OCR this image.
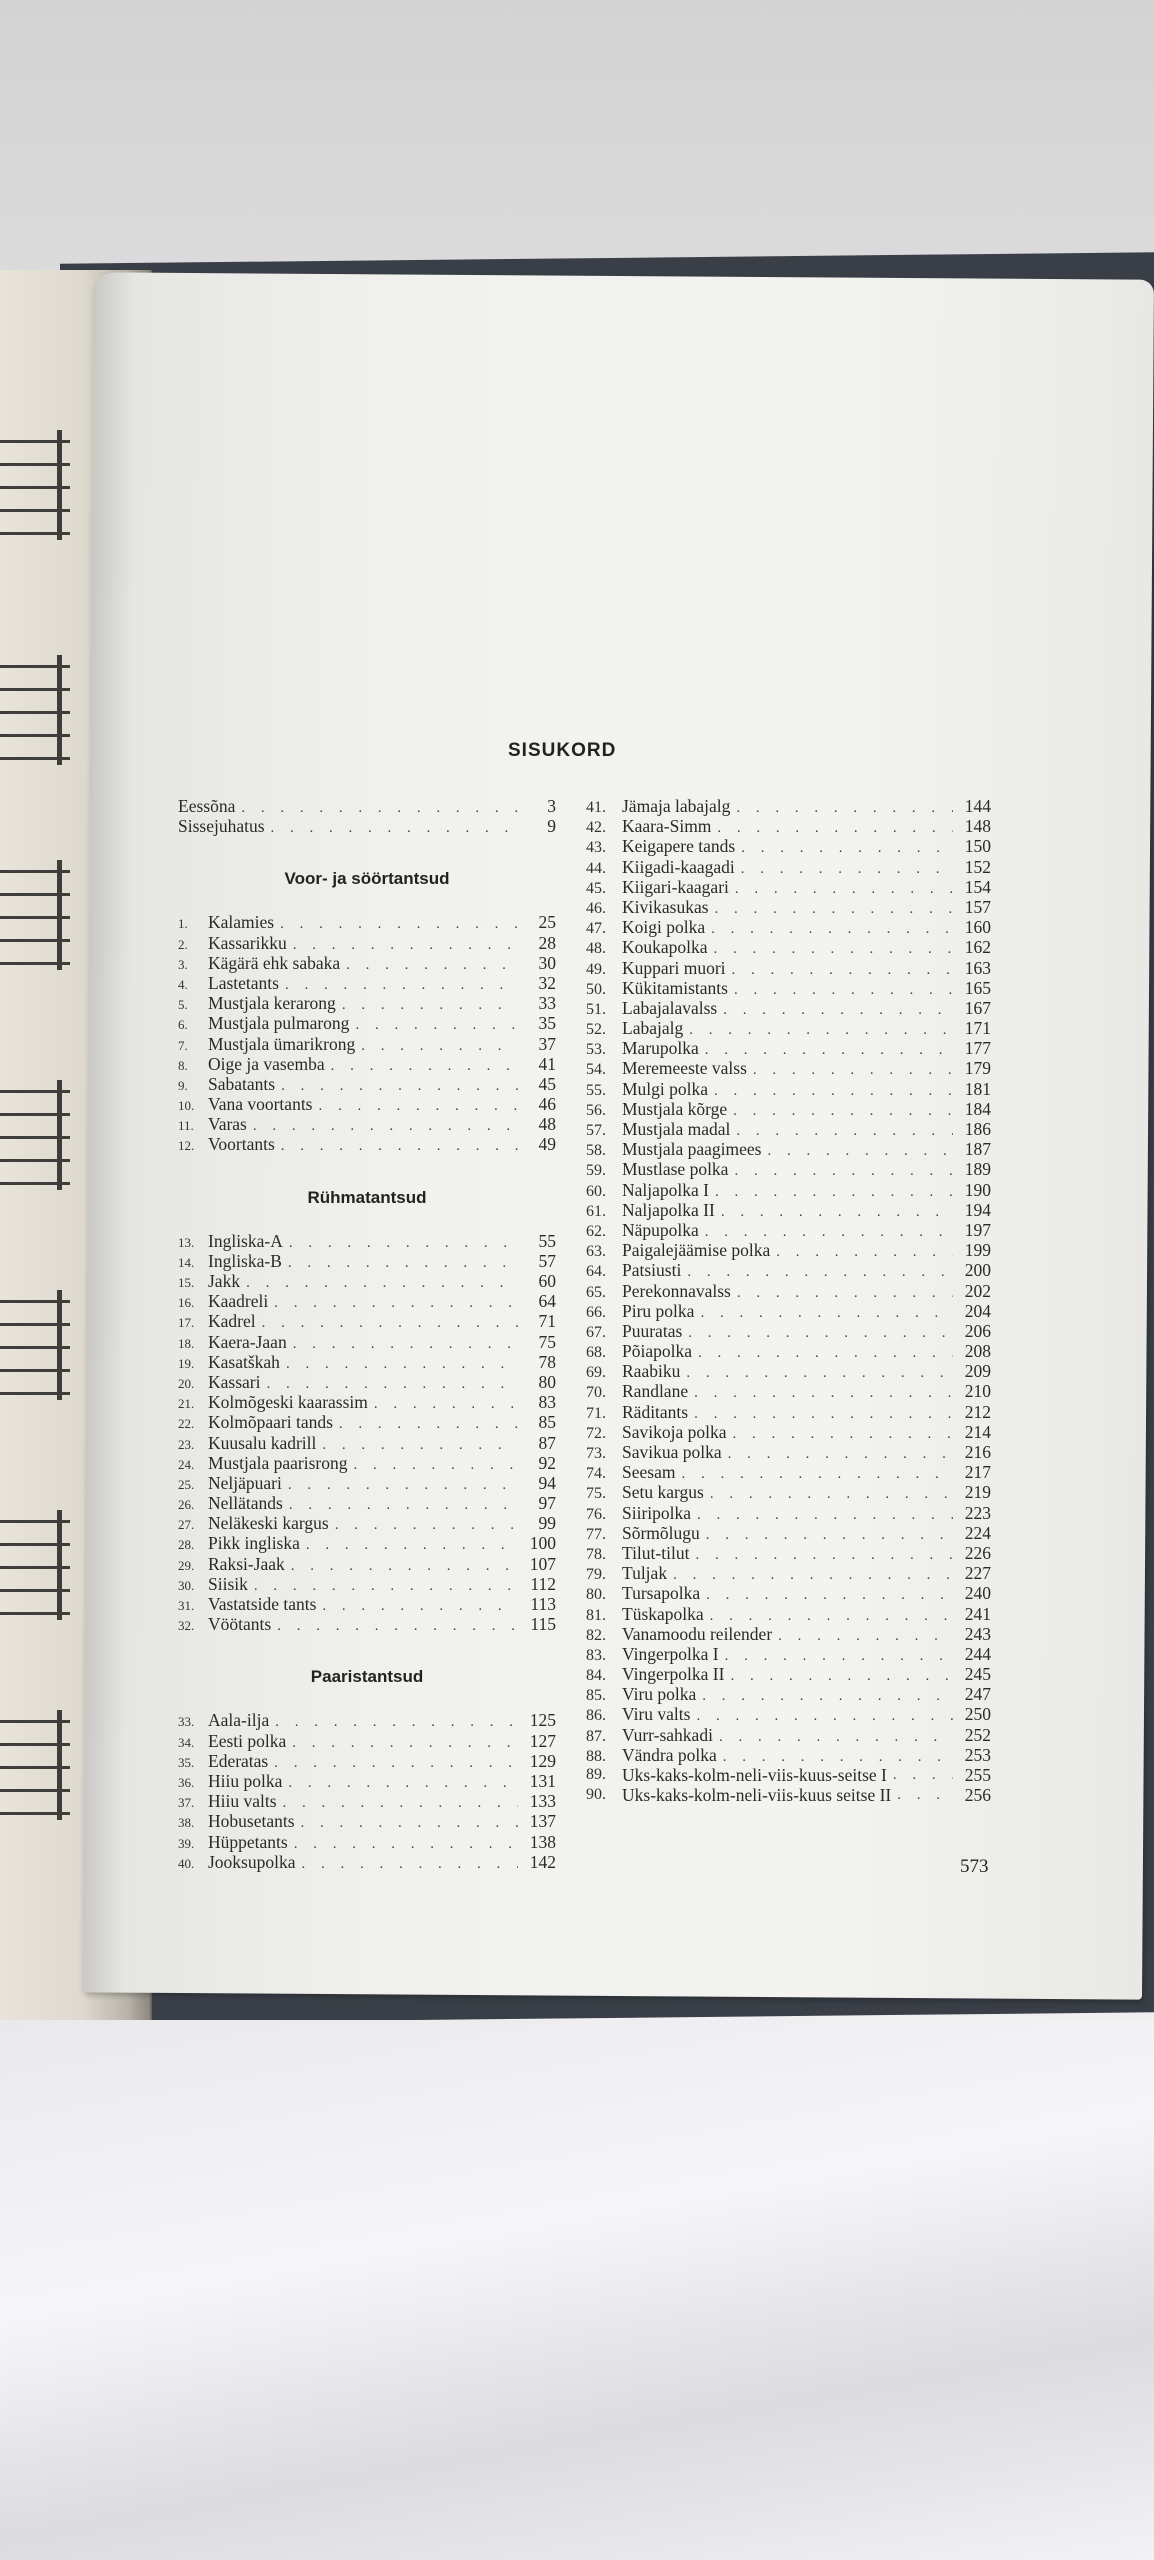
SISUKORD
Eessõna . . .	3
Sissejuhatus . . .	9
Voor- ja söörtantsud
1.	Kalamies . . .	25
2.	Kassarikku . . .	28
3.	Kägärä ehk sabaka . . .	30
4.	Lastetants . . .	32
5.	Mustjala kerarong . . .	33
6.	Mustjala pulmarong . . .	35
7.	Mustjala ümarikrong . . .	37
8.	Oige ja vasemba . . .	41
9.	Sabatants . . .	45
10. Vana voortants . . .	46
11. Varas . . .	48
12. Voortants . . .	49
Rühmatantsud
13. Ingliska-A . . .	55
14. Ingliska-B . . .	57
15. Jakk . . .	60
16. Kaadreli . . .	64
17. Kadrel . . .	71
18. Kaera-Jaan . . .	75
19. Kasatškah . . .	78
20. Kassari . . .	80
21. Kolmõgeski kaarassim . . .	83
22. Kolmõpaari tands . . .	85
23. Kuusalu kadrill . . .	87
24. Mustjala paarisrong . . .	92
25. Neljäpuari . . .	94
26. Nellätands . . .	97
27. Neläkeski kargus . . .	99
28. Pikk ingliska . . .	100
29. Raksi-Jaak . . .	107
30. Siisik . . .	112
31. Vastatside tants . . .	113
32. Vöötants . . .	115
Paaristantsud
33. Aala-ilja . . .	125
34. Eesti polka . . .	127
35. Ederatas . . .	129
36. Hiiu polka . . .	131
37. Hiiu valts . . .	133
38. Hobusetants . . .	137
39. Hüppetants . . .	138
40. Jooksupolka . . .	142
41. Jämaja labajalg . . .	144
42. Kaara-Simm . . .	148
43. Keigapere tands . . .	150
44. Kiigadi-kaagadi . . .	152
45. Kiigari-kaagari . . .	154
46. Kivikasukas . . .	157
47. Koigi polka . . .	160
48. Koukapolka . . .	162
49. Kuppari muori . . .	163
50. Kükitamistants . . .	165
51. Labajalavalss . . .	167
52. Labajalg . . .	171
53. Marupolka . . .	177
54. Meremeeste valss . . .	179
55. Mulgi polka . . .	181
56. Mustjala kõrge . . .	184
57. Mustjala madal . . .	186
58. Mustjala paagimees . . .	187
59. Mustlase polka . . .	189
60. Naljapolka I . . .	190
61. Naljapolka II . . .	194
62. Näpupolka . . .	197
63. Paigalejäämise polka . . .	199
64. Patsiusti . . .	200
65. Perekonnavalss . . .	202
66. Piru polka . . .	204
67. Puuratas . . .	206
68. Põiapolka . . .	208
69. Raabiku . . .	209
70. Randlane . . .	210
71. Räditants . . .	212
72. Savikoja polka . . .	214
73. Savikua polka . . .	216
74. Seesam . . .	217
75. Setu kargus . . .	219
76. Siiripolka . . .	223
77. Sõrmõlugu . . .	224
78. Tilut-tilut . . .	226
79. Tuljak . . .	227
80. Tursapolka . . .	240
81. Tüskapolka . . .	241
82. Vanamoodu reilender . . .	243
83. Vingerpolka I . . .	244
84. Vingerpolka II . . .	245
85. Viru polka . . .	247
86. Viru valts . . .	250
87. Vurr-sahkadi . . .	252
88. Vändra polka . . .	253
89. Uks-kaks-kolm-neli-viis-kuus-seitse I . . .	255
90. Uks-kaks-kolm-neli-viis-kuus seitse II . . .	256
573
